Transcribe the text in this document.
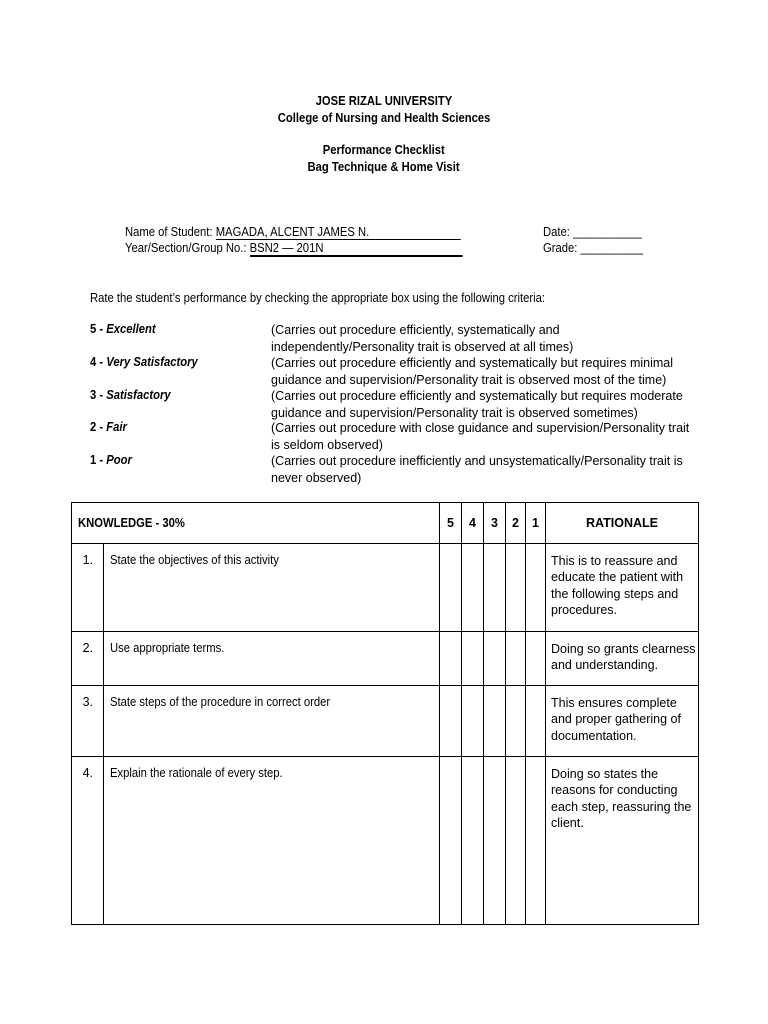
JOSE RIZAL UNIVERSITY
College of Nursing and Health Sciences
Performance Checklist
Bag Technique & Home Visit
Name of Student: MAGADA, ALCENT JAMES N.
Year/Section/Group No.: BSN2 — 201N
Date: ___________
Grade: __________
Rate the student’s performance by checking the appropriate box using the following criteria:
5 - Excellent	(Carries out procedure efficiently, systematically and independently/Personality trait is observed at all times)
4 - Very Satisfactory	(Carries out procedure efficiently and systematically but requires minimal guidance and supervision/Personality trait is observed most of the time)
3 - Satisfactory	(Carries out procedure efficiently and systematically but requires moderate guidance and supervision/Personality trait is observed sometimes)
2 - Fair	(Carries out procedure with close guidance and supervision/Personality trait is seldom observed)
1 - Poor	(Carries out procedure inefficiently and unsystematically/Personality trait is never observed)
KNOWLEDGE - 30%		5	4	3	2	1	RATIONALE
1.	State the objectives of this activity						This is to reassure and educate the patient with the following steps and procedures.
2.	Use appropriate terms.						Doing so grants clearness and understanding.
3.	State steps of the procedure in correct order						This ensures complete and proper gathering of documentation.
4.	Explain the rationale of every step.						Doing so states the reasons for conducting each step, reassuring the client.
